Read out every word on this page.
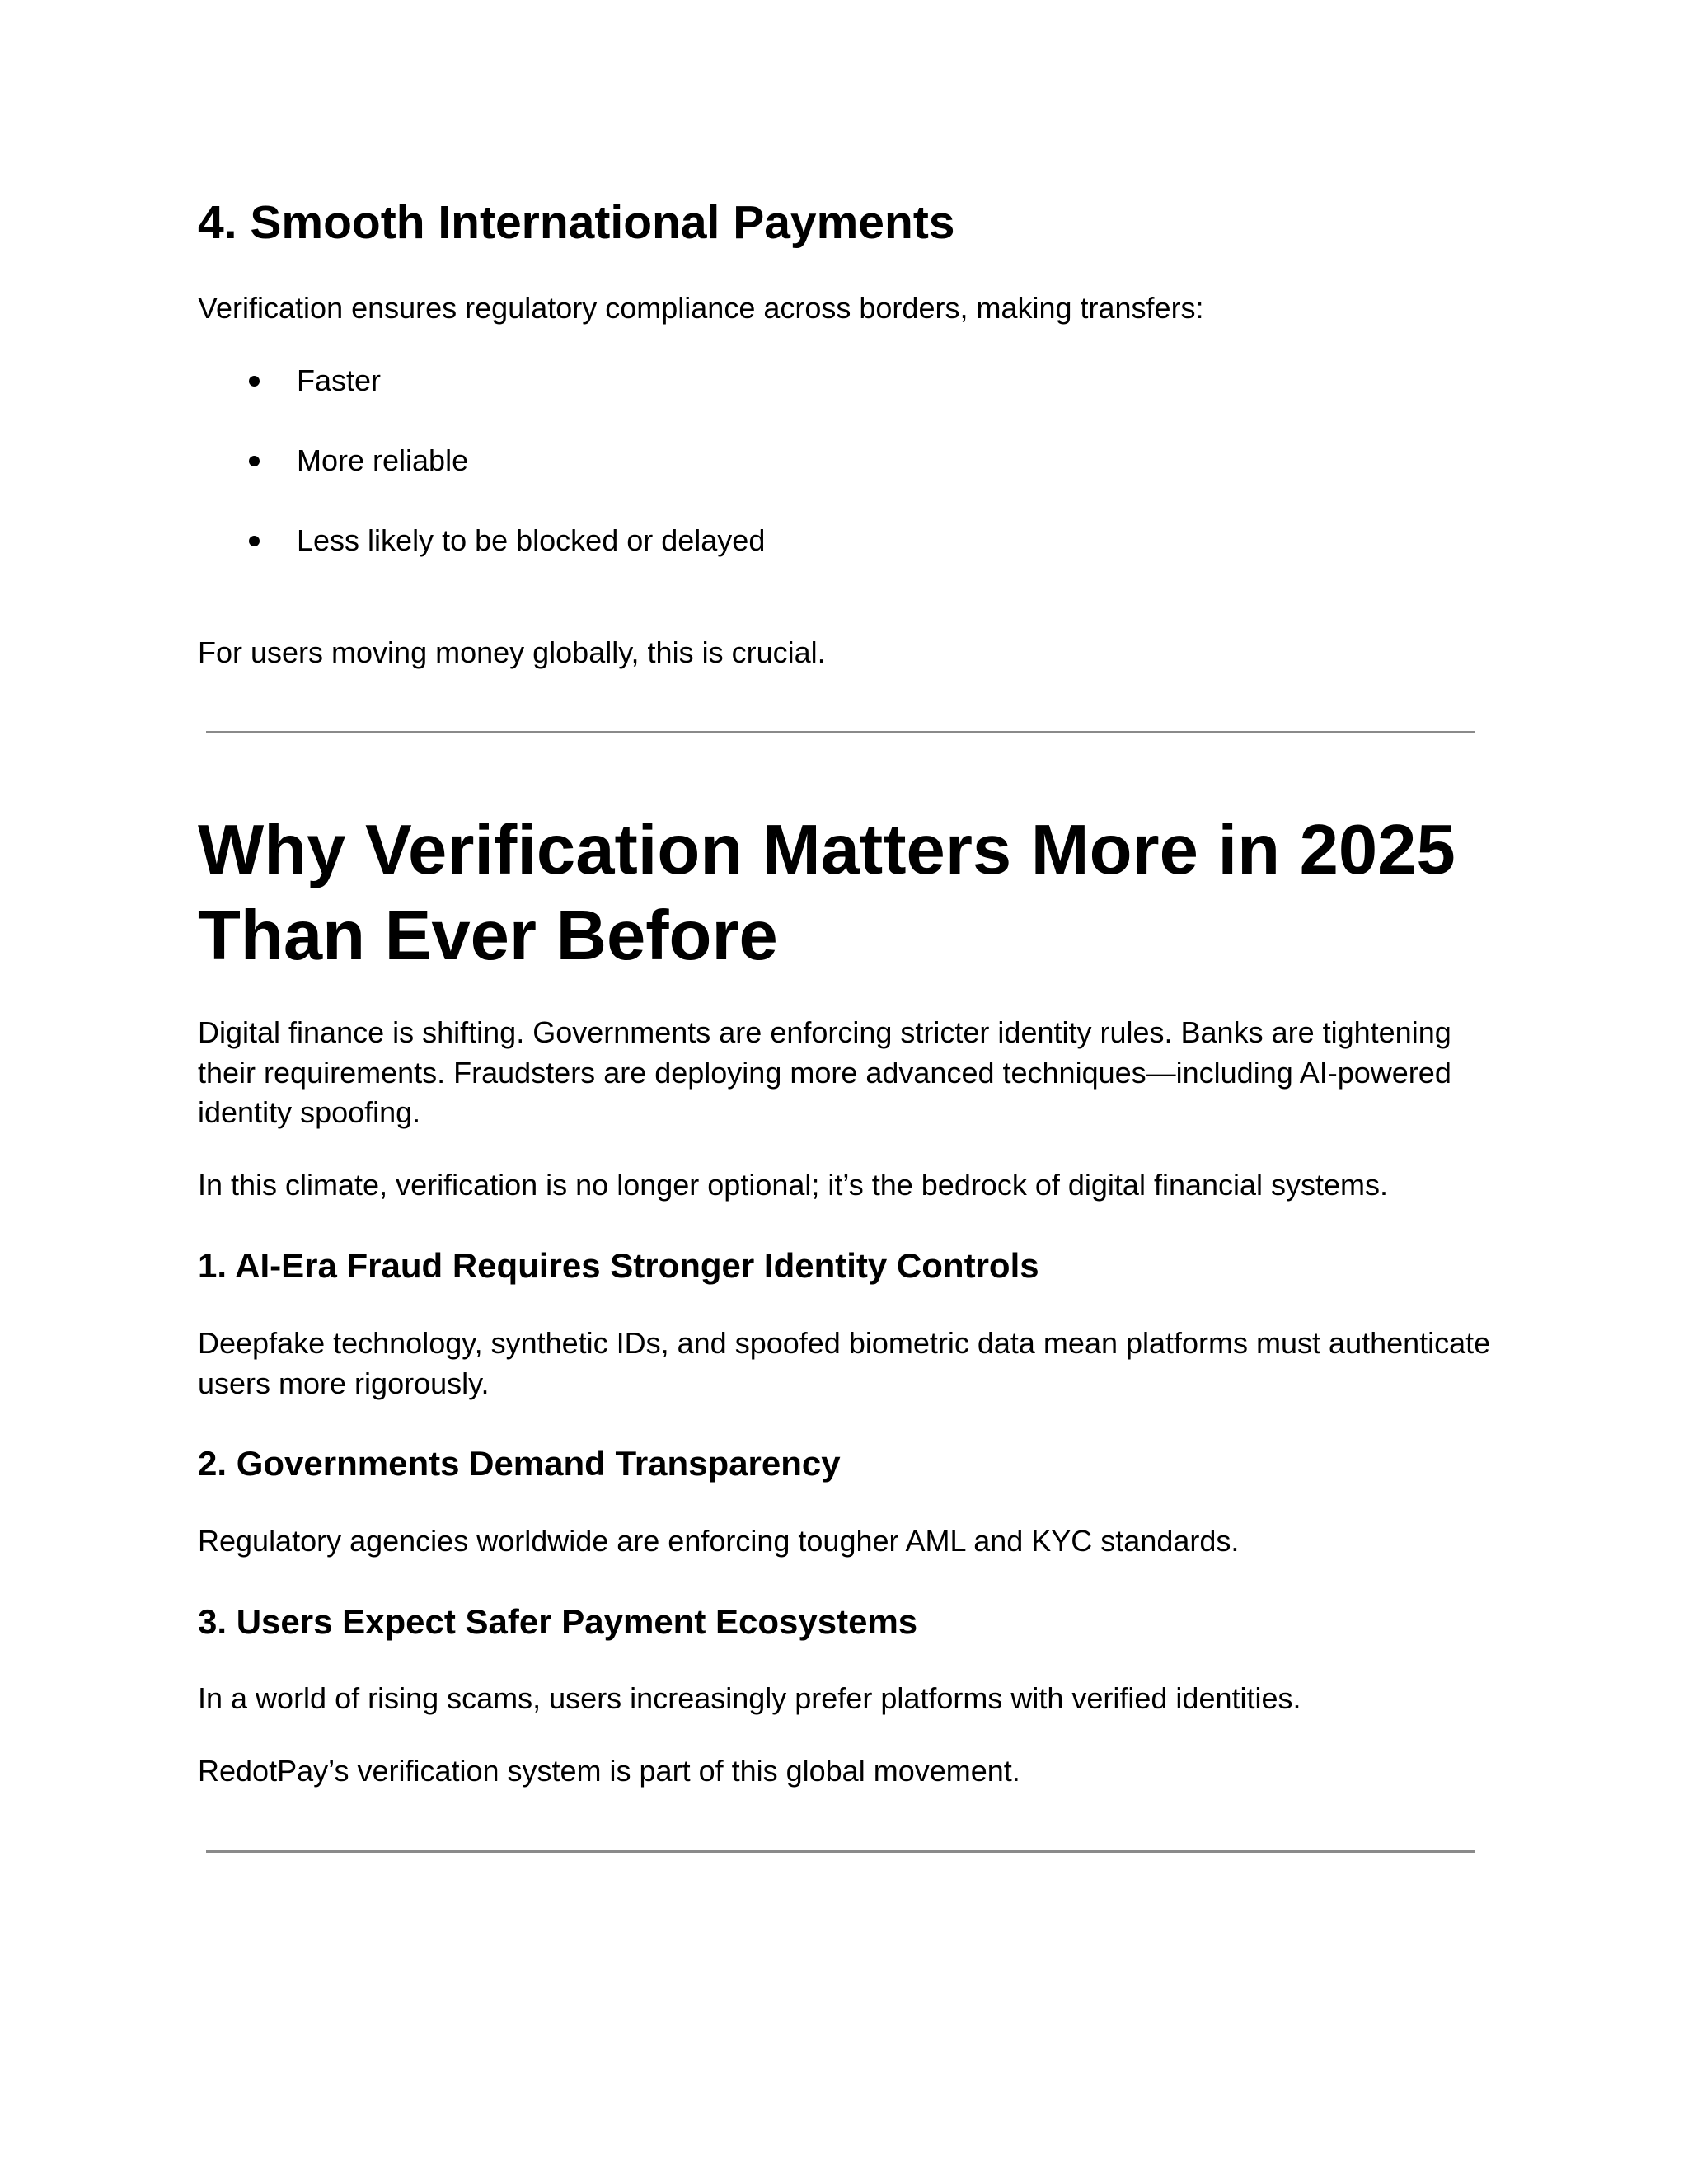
4. Smooth International Payments

Verification ensures regulatory compliance across borders, making transfers:

Faster
More reliable
Less likely to be blocked or delayed

For users moving money globally, this is crucial.

Why Verification Matters More in 2025 Than Ever Before

Digital finance is shifting. Governments are enforcing stricter identity rules. Banks are tightening their requirements. Fraudsters are deploying more advanced techniques—including AI-powered identity spoofing.

In this climate, verification is no longer optional; it’s the bedrock of digital financial systems.

1. AI-Era Fraud Requires Stronger Identity Controls

Deepfake technology, synthetic IDs, and spoofed biometric data mean platforms must authenticate users more rigorously.

2. Governments Demand Transparency

Regulatory agencies worldwide are enforcing tougher AML and KYC standards.

3. Users Expect Safer Payment Ecosystems

In a world of rising scams, users increasingly prefer platforms with verified identities.

RedotPay’s verification system is part of this global movement.
